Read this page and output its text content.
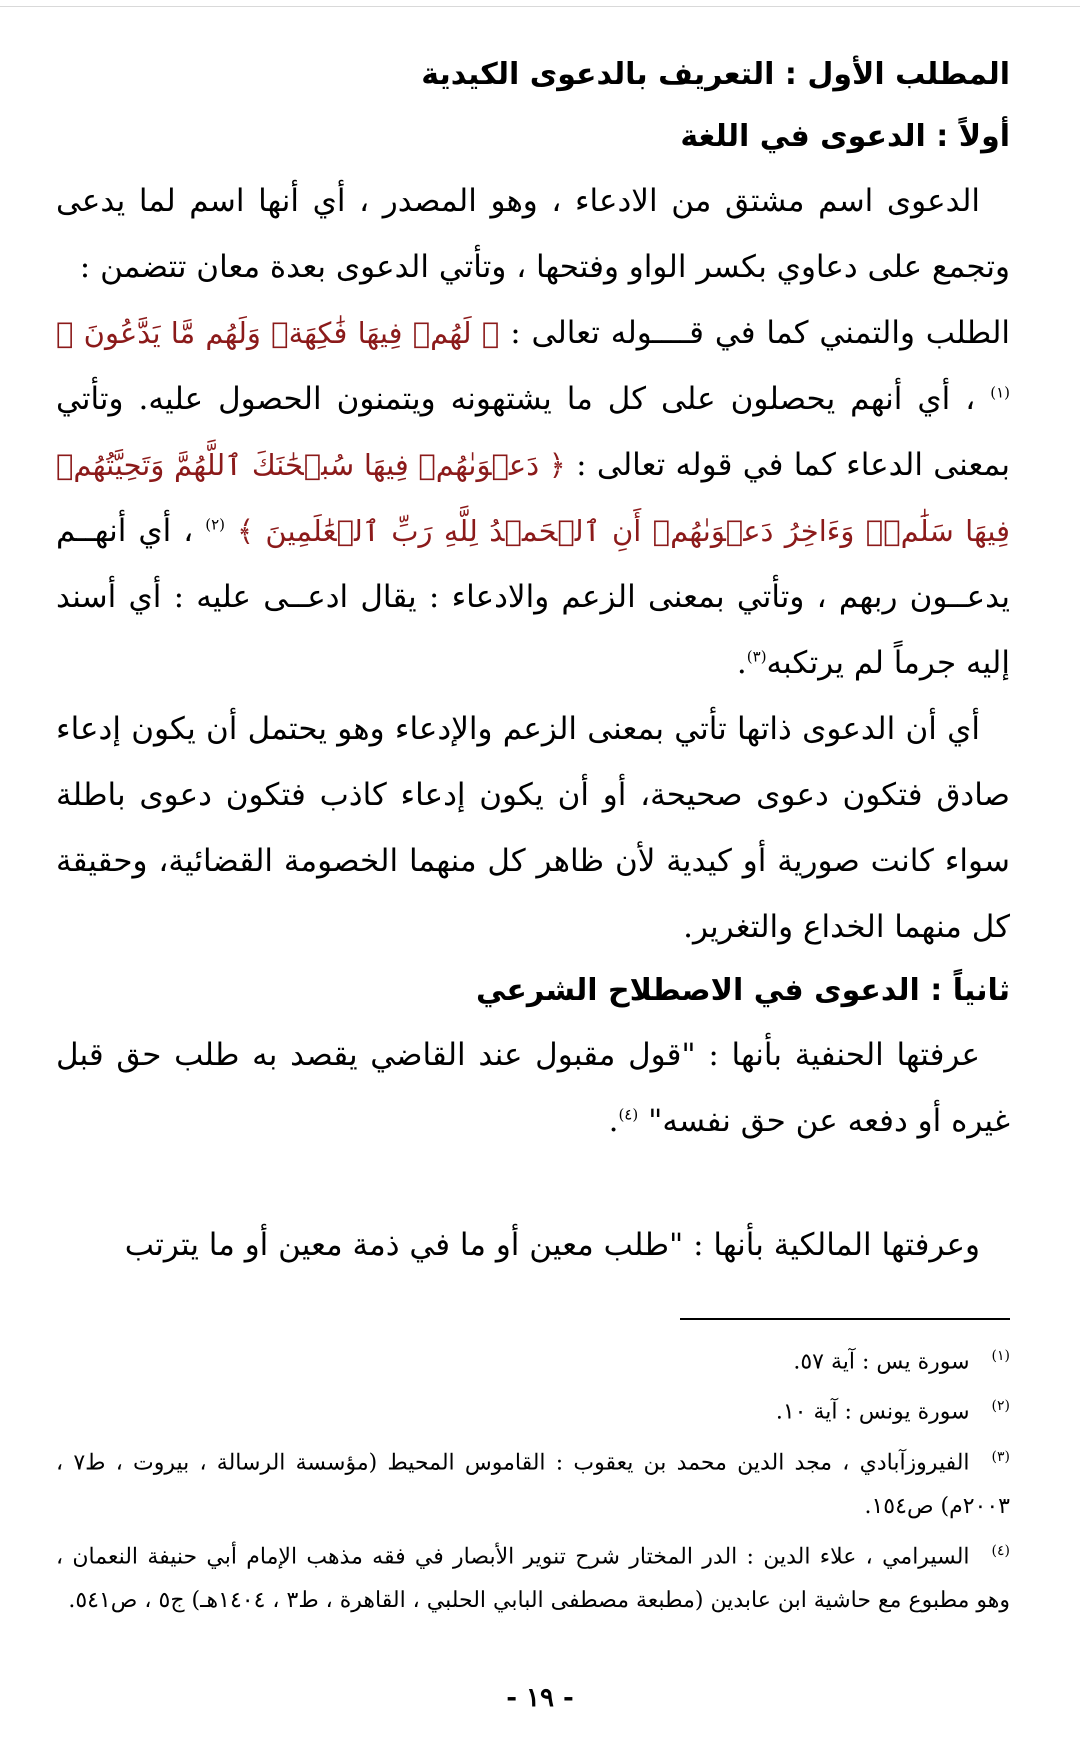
المطلب الأول : التعريف بالدعوى الكيدية
أولاً : الدعوى في اللغة

الدعوى اسم مشتق من الادعاء ، وهو المصدر ، أي أنها اسم لما يدعى وتجمع على دعاوي بكسر الواو وفتحها ، وتأتي الدعوى بعدة معان تتضمن :

الطلب والتمني كما في قــــوله تعالى : ﴿ لَهُمۡ فِيهَا فَٰكِهَةٞ وَلَهُم مَّا يَدَّعُونَ ﴾ $^{(١)}$ ، أي أنهم يحصلون على كل ما يشتهونه ويتمنون الحصول عليه. وتأتي بمعنى الدعاء كما في قوله تعالى : ﴿ دَعۡوَىٰهُمۡ فِيهَا سُبۡحَٰنَكَ ٱللَّهُمَّ وَتَحِيَّتُهُمۡ فِيهَا سَلَٰمٞۚ وَءَاخِرُ دَعۡوَىٰهُمۡ أَنِ ٱلۡحَمۡدُ لِلَّهِ رَبِّ ٱلۡعَٰلَمِينَ ﴾ $^{(٢)}$ ، أي أنهــم يدعــون ربهم ، وتأتي بمعنى الزعم والادعاء : يقال ادعــى عليه : أي أسند إليه جرماً لم يرتكبه$^{(٣)}$.

أي أن الدعوى ذاتها تأتي بمعنى الزعم والإدعاء وهو يحتمل أن يكون إدعاء صادق فتكون دعوى صحيحة، أو أن يكون إدعاء كاذب فتكون دعوى باطلة سواء كانت صورية أو كيدية لأن ظاهر كل منهما الخصومة القضائية، وحقيقة كل منهما الخداع والتغرير.

ثانياً : الدعوى في الاصطلاح الشرعي

عرفتها الحنفية بأنها : "قول مقبول عند القاضي يقصد به طلب حق قبل غيره أو دفعه عن حق نفسه" $^{(٤)}$.

وعرفتها المالكية بأنها : "طلب معين أو ما في ذمة معين أو ما يترتب

$^{(١)}$سورة يس : آية ٥٧.

$^{(٢)}$سورة يونس : آية ١٠.

$^{(٣)}$الفيروزآبادي ، مجد الدين محمد بن يعقوب : القاموس المحيط (مؤسسة الرسالة ، بيروت ، ط٧ ، ٢٠٠٣م) ص١٥٤.

$^{(٤)}$السيرامي ، علاء الدين : الدر المختار شرح تنوير الأبصار في فقه مذهب الإمام أبي حنيفة النعمان ، وهو مطبوع مع حاشية ابن عابدين (مطبعة مصطفى البابي الحلبي ، القاهرة ، ط٣ ، ١٤٠٤هـ) ج٥ ، ص٥٤١.

- ١٩ -
